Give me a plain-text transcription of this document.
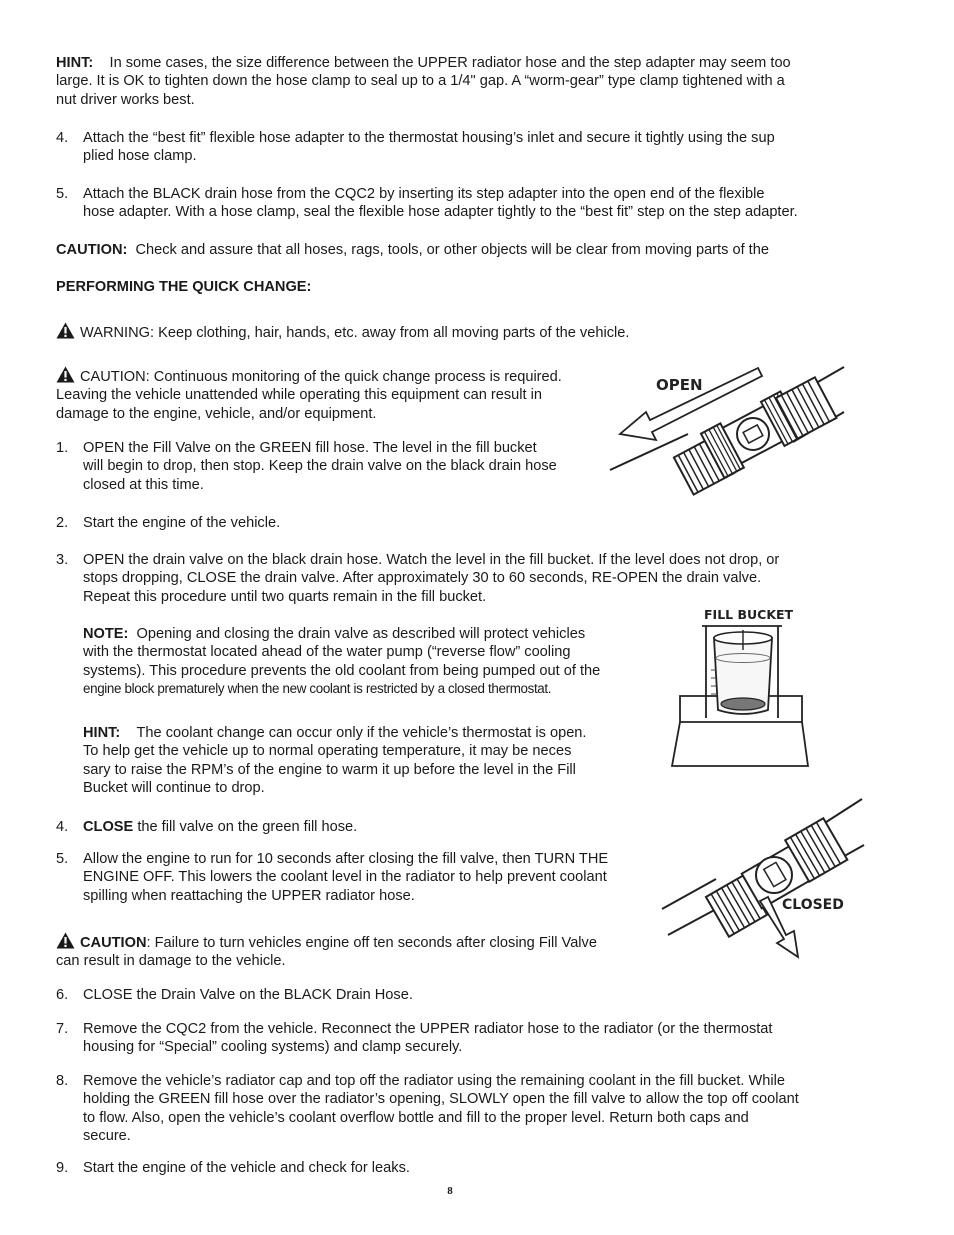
HINT: In some cases, the size difference between the UPPER radiator hose and the step adapter may seem too
large. It is OK to tighten down the hose clamp to seal up to a 1/4" gap. A “worm-gear” type clamp tightened with a
nut driver works best.
4. Attach the “best fit” flexible hose adapter to the thermostat housing’s inlet and secure it tightly using the sup
plied hose clamp.
5. Attach the BLACK drain hose from the CQC2 by inserting its step adapter into the open end of the flexible
hose adapter. With a hose clamp, seal the flexible hose adapter tightly to the “best fit” step on the step adapter.
CAUTION: Check and assure that all hoses, rags, tools, or other objects will be clear from moving parts of the
PERFORMING THE QUICK CHANGE:
WARNING: Keep clothing, hair, hands, etc. away from all moving parts of the vehicle.
CAUTION: Continuous monitoring of the quick change process is required.
Leaving the vehicle unattended while operating this equipment can result in
damage to the engine, vehicle, and/or equipment.
1. OPEN the Fill Valve on the GREEN fill hose. The level in the fill bucket
will begin to drop, then stop. Keep the drain valve on the black drain hose
closed at this time.
2. Start the engine of the vehicle.
3. OPEN the drain valve on the black drain hose. Watch the level in the fill bucket. If the level does not drop, or
stops dropping, CLOSE the drain valve. After approximately 30 to 60 seconds, RE-OPEN the drain valve.
Repeat this procedure until two quarts remain in the fill bucket.
NOTE: Opening and closing the drain valve as described will protect vehicles
with the thermostat located ahead of the water pump (“reverse flow” cooling
systems). This procedure prevents the old coolant from being pumped out of the
engine block prematurely when the new coolant is restricted by a closed thermostat.
HINT: The coolant change can occur only if the vehicle’s thermostat is open.
To help get the vehicle up to normal operating temperature, it may be neces
sary to raise the RPM’s of the engine to warm it up before the level in the Fill
Bucket will continue to drop.
4. CLOSE the fill valve on the green fill hose.
5. Allow the engine to run for 10 seconds after closing the fill valve, then TURN THE
ENGINE OFF. This lowers the coolant level in the radiator to help prevent coolant
spilling when reattaching the UPPER radiator hose.
CAUTION: Failure to turn vehicles engine off ten seconds after closing Fill Valve
can result in damage to the vehicle.
6. CLOSE the Drain Valve on the BLACK Drain Hose.
7. Remove the CQC2 from the vehicle. Reconnect the UPPER radiator hose to the radiator (or the thermostat
housing for “Special” cooling systems) and clamp securely.
8. Remove the vehicle’s radiator cap and top off the radiator using the remaining coolant in the fill bucket. While
holding the GREEN fill hose over the radiator’s opening, SLOWLY open the fill valve to allow the top off coolant
to flow. Also, open the vehicle’s coolant overflow bottle and fill to the proper level. Return both caps and
secure.
9. Start the engine of the vehicle and check for leaks.
OPEN
FILL BUCKET
CLOSED
8
